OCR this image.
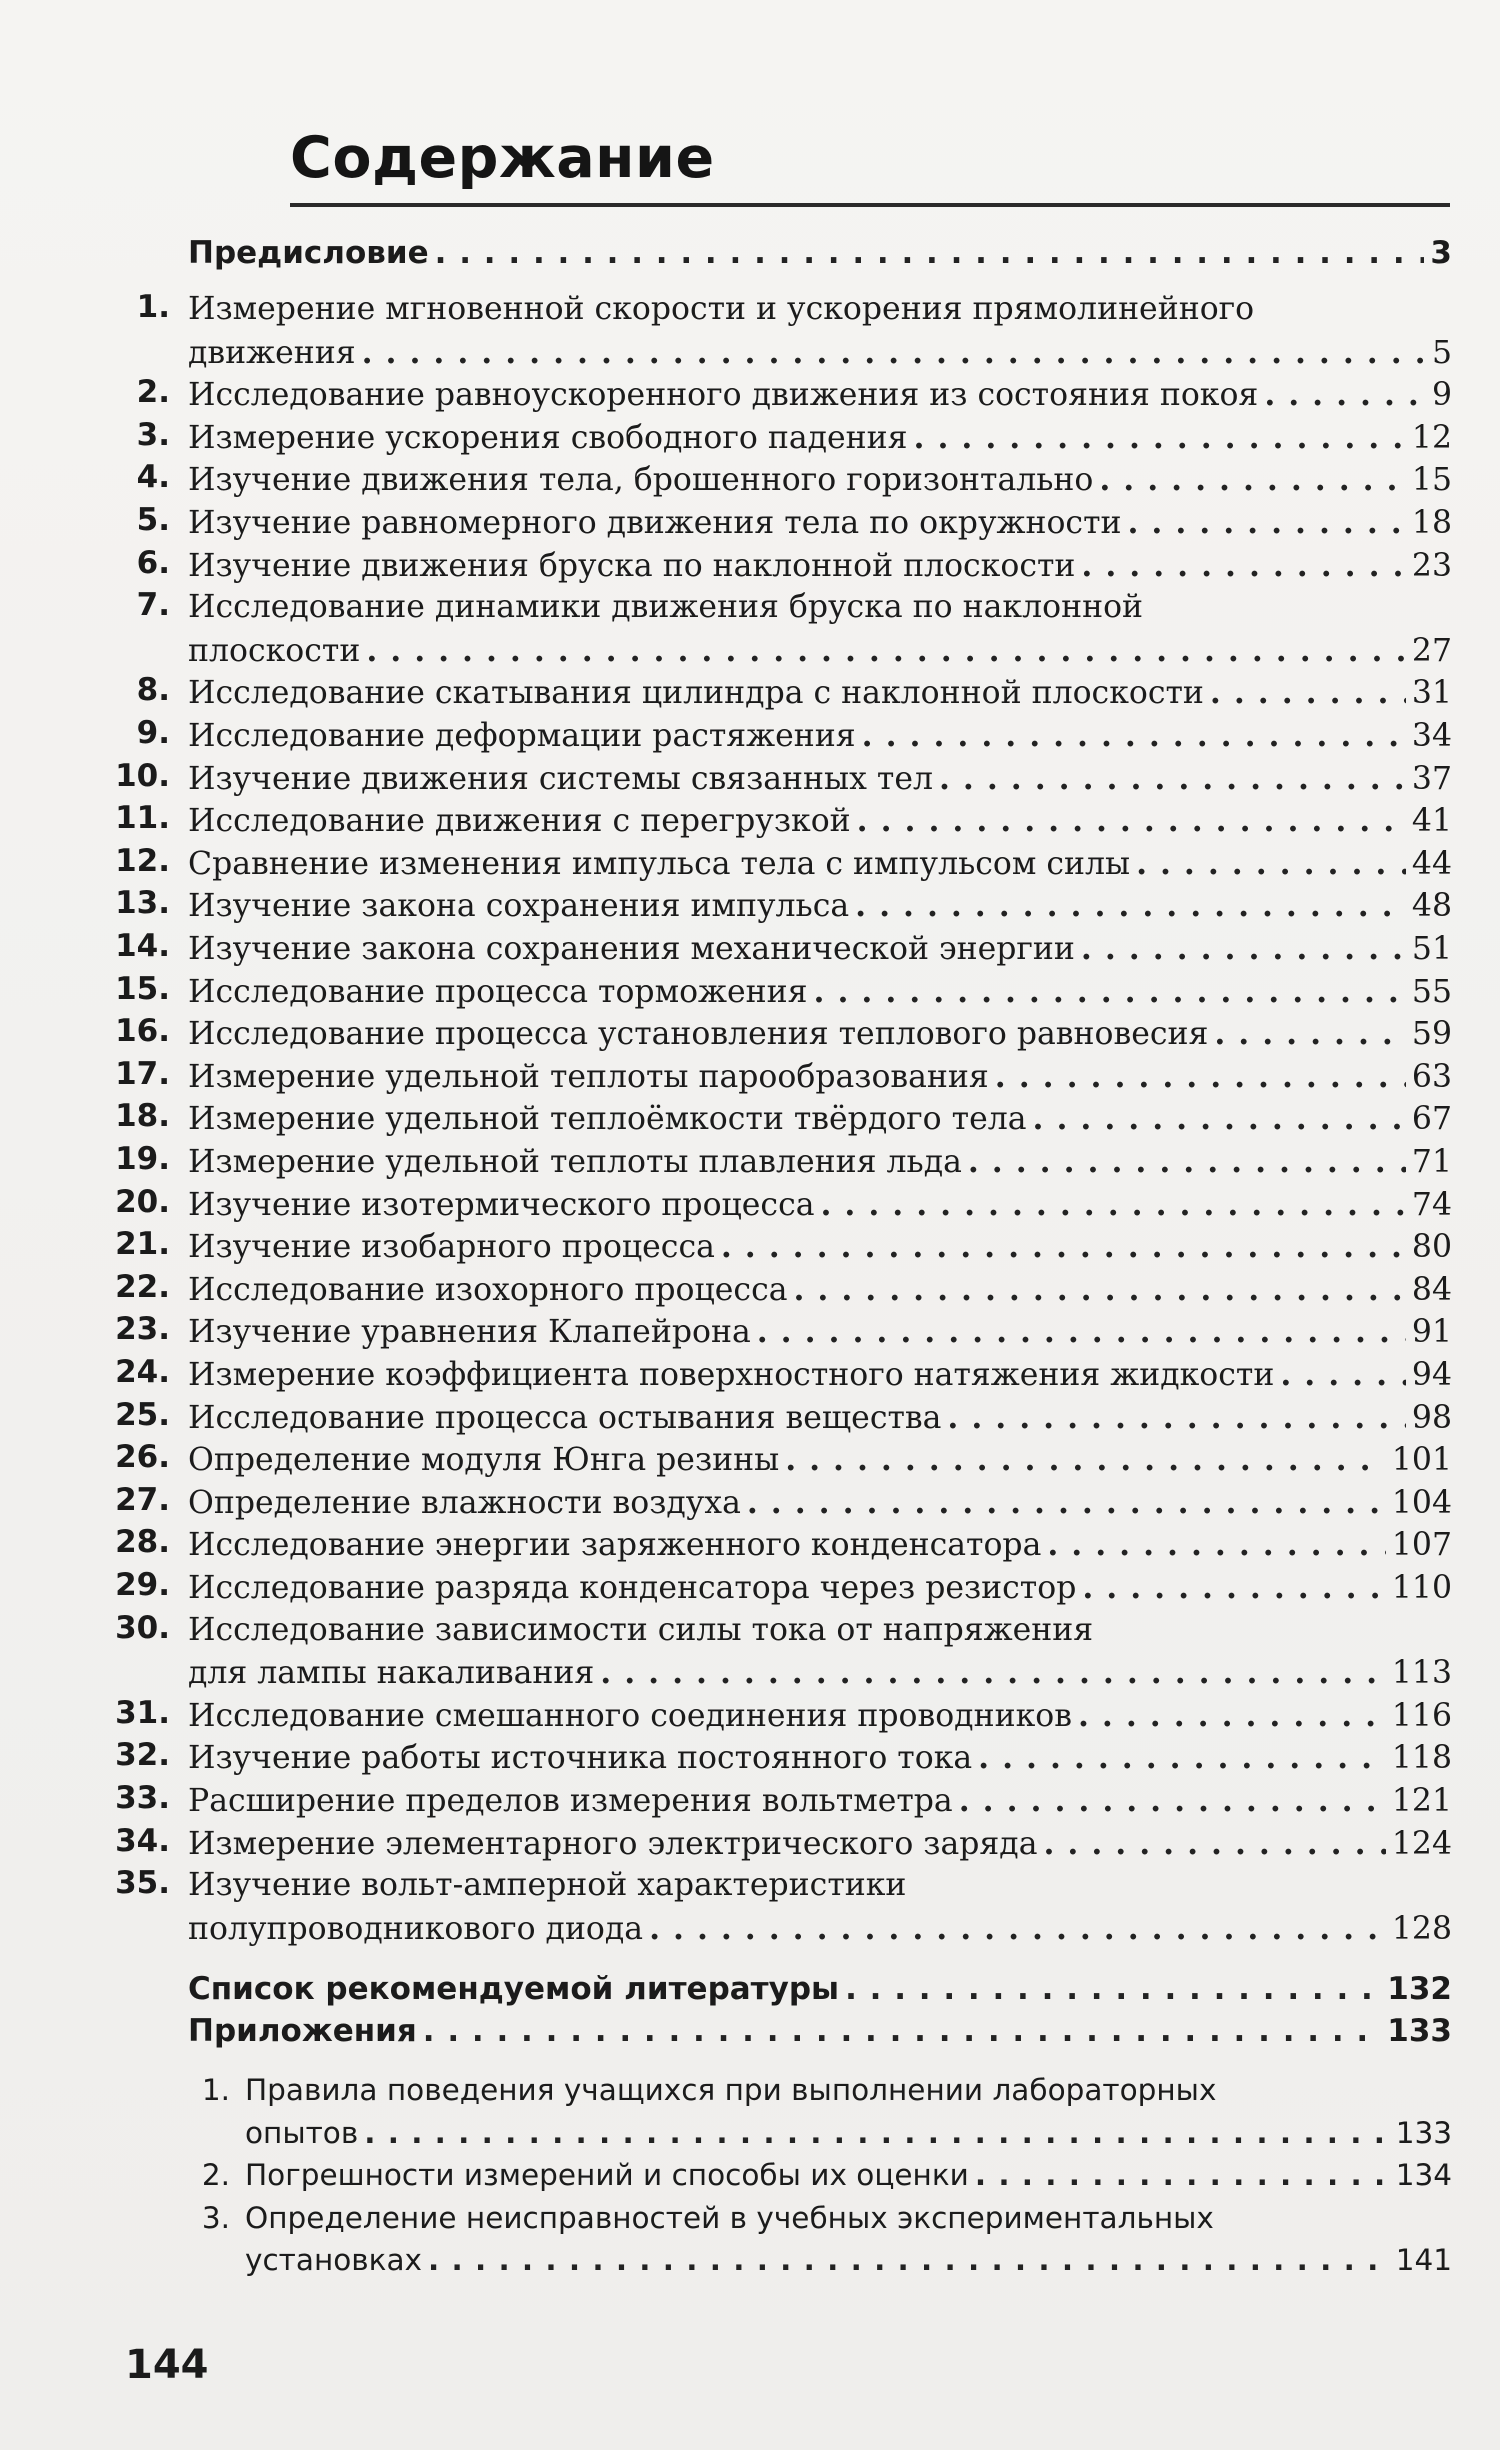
Содержание
Предисловие . . .	3
1. Измерение мгновенной скорости и ускорения прямолинейного
движения . . .	5
2. Исследование равноускоренного движения из состояния покоя . . .	9
3. Измерение ускорения свободного падения . . .	12
4. Изучение движения тела, брошенного горизонтально . . .	15
5. Изучение равномерного движения тела по окружности . . .	18
6. Изучение движения бруска по наклонной плоскости . . .	23
7. Исследование динамики движения бруска по наклонной
плоскости . . .	27
8. Исследование скатывания цилиндра с наклонной плоскости . . .	31
9. Исследование деформации растяжения . . .	34
10. Изучение движения системы связанных тел . . .	37
11. Исследование движения с перегрузкой . . .	41
12. Сравнение изменения импульса тела с импульсом силы . . .	44
13. Изучение закона сохранения импульса . . .	48
14. Изучение закона сохранения механической энергии . . .	51
15. Исследование процесса торможения . . .	55
16. Исследование процесса установления теплового равновесия . . .	59
17. Измерение удельной теплоты парообразования . . .	63
18. Измерение удельной теплоёмкости твёрдого тела . . .	67
19. Измерение удельной теплоты плавления льда . . .	71
20. Изучение изотермического процесса . . .	74
21. Изучение изобарного процесса . . .	80
22. Исследование изохорного процесса . . .	84
23. Изучение уравнения Клапейрона . . .	91
24. Измерение коэффициента поверхностного натяжения жидкости . . .	94
25. Исследование процесса остывания вещества . . .	98
26. Определение модуля Юнга резины . . .	101
27. Определение влажности воздуха . . .	104
28. Исследование энергии заряженного конденсатора . . .	107
29. Исследование разряда конденсатора через резистор . . .	110
30. Исследование зависимости силы тока от напряжения
для лампы накаливания . . .	113
31. Исследование смешанного соединения проводников . . .	116
32. Изучение работы источника постоянного тока . . .	118
33. Расширение пределов измерения вольтметра . . .	121
34. Измерение элементарного электрического заряда . . .	124
35. Изучение вольт-амперной характеристики
полупроводникового диода . . .	128
Список рекомендуемой литературы . . .	132
Приложения . . .	133
1. Правила поведения учащихся при выполнении лабораторных
опытов . . .	133
2. Погрешности измерений и способы их оценки . . .	134
3. Определение неисправностей в учебных экспериментальных
установках . . .	141
144
